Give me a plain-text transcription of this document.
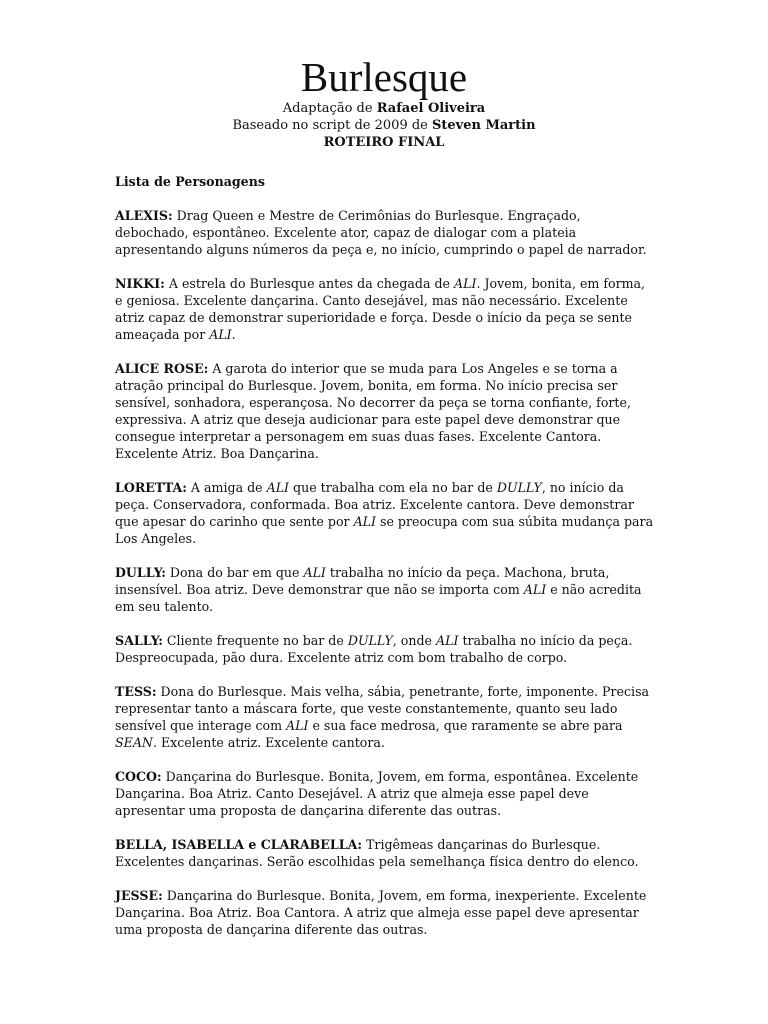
Burlesque

Adaptação de Rafael Oliveira

Baseado no script de 2009 de Steven Martin

ROTEIRO FINAL

Lista de Personagens

ALEXIS: Drag Queen e Mestre de Cerimônias do Burlesque. Engraçado, debochado, espontâneo. Excelente ator, capaz de dialogar com a plateia apresentando alguns números da peça e, no início, cumprindo o papel de narrador.

NIKKI: A estrela do Burlesque antes da chegada de ALI. Jovem, bonita, em forma, e geniosa. Excelente dançarina. Canto desejável, mas não necessário. Excelente atriz capaz de demonstrar superioridade e força. Desde o início da peça se sente ameaçada por ALI.

ALICE ROSE: A garota do interior que se muda para Los Angeles e se torna a atração principal do Burlesque. Jovem, bonita, em forma. No início precisa ser sensível, sonhadora, esperançosa. No decorrer da peça se torna confiante, forte, expressiva. A atriz que deseja audicionar para este papel deve demonstrar que consegue interpretar a personagem em suas duas fases. Excelente Cantora. Excelente Atriz. Boa Dançarina.

LORETTA: A amiga de ALI que trabalha com ela no bar de DULLY, no início da peça. Conservadora, conformada. Boa atriz. Excelente cantora. Deve demonstrar que apesar do carinho que sente por ALI se preocupa com sua súbita mudança para Los Angeles.

DULLY: Dona do bar em que ALI trabalha no início da peça. Machona, bruta, insensível. Boa atriz. Deve demonstrar que não se importa com ALI e não acredita em seu talento.

SALLY: Cliente frequente no bar de DULLY, onde ALI trabalha no início da peça. Despreocupada, pão dura. Excelente atriz com bom trabalho de corpo.

TESS: Dona do Burlesque. Mais velha, sábia, penetrante, forte, imponente. Precisa representar tanto a máscara forte, que veste constantemente, quanto seu lado sensível que interage com ALI e sua face medrosa, que raramente se abre para SEAN. Excelente atriz. Excelente cantora.

COCO: Dançarina do Burlesque. Bonita, Jovem, em forma, espontânea. Excelente Dançarina. Boa Atriz. Canto Desejável. A atriz que almeja esse papel deve apresentar uma proposta de dançarina diferente das outras.

BELLA, ISABELLA e CLARABELLA: Trigêmeas dançarinas do Burlesque. Excelentes dançarinas. Serão escolhidas pela semelhança física dentro do elenco.

JESSE: Dançarina do Burlesque. Bonita, Jovem, em forma, inexperiente. Excelente Dançarina. Boa Atriz. Boa Cantora. A atriz que almeja esse papel deve apresentar uma proposta de dançarina diferente das outras.
